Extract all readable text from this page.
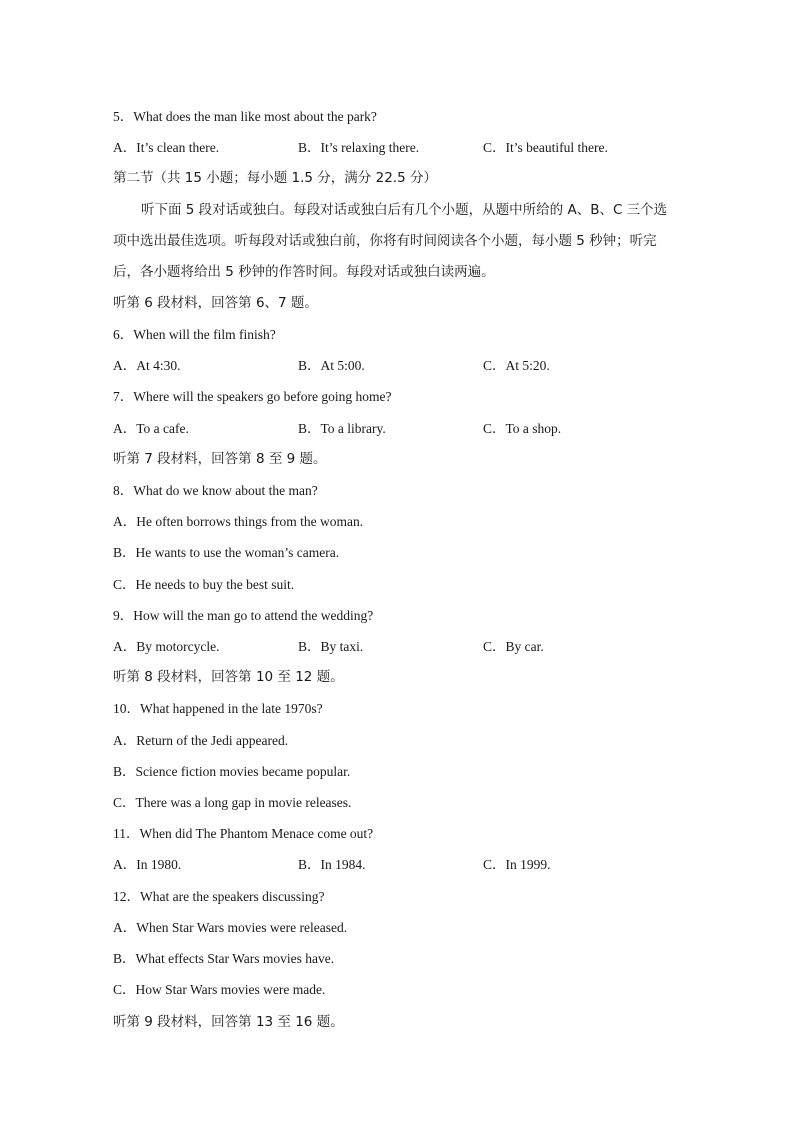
5．What does the man like most about the park?
A．It’s clean there.	B．It’s relaxing there.	C．It’s beautiful there.
第二节（共 15 小题；每小题 1.5 分，满分 22.5 分）
听下面 5 段对话或独白。每段对话或独白后有几个小题，从题中所给的 A、B、C 三个选
项中选出最佳选项。听每段对话或独白前，你将有时间阅读各个小题，每小题 5 秒钟；听完
后，各小题将给出 5 秒钟的作答时间。每段对话或独白读两遍。
听第 6 段材料，回答第 6、7 题。
6．When will the film finish?
A．At 4:30.	B．At 5:00.	C．At 5:20.
7．Where will the speakers go before going home?
A．To a cafe.	B．To a library.	C．To a shop.
听第 7 段材料，回答第 8 至 9 题。
8．What do we know about the man?
A．He often borrows things from the woman.
B．He wants to use the woman’s camera.
C．He needs to buy the best suit.
9．How will the man go to attend the wedding?
A．By motorcycle.	B．By taxi.	C．By car.
听第 8 段材料，回答第 10 至 12 题。
10．What happened in the late 1970s?
A．Return of the Jedi appeared.
B．Science fiction movies became popular.
C．There was a long gap in movie releases.
11．When did The Phantom Menace come out?
A．In 1980.	B．In 1984.	C．In 1999.
12．What are the speakers discussing?
A．When Star Wars movies were released.
B．What effects Star Wars movies have.
C．How Star Wars movies were made.
听第 9 段材料，回答第 13 至 16 题。
